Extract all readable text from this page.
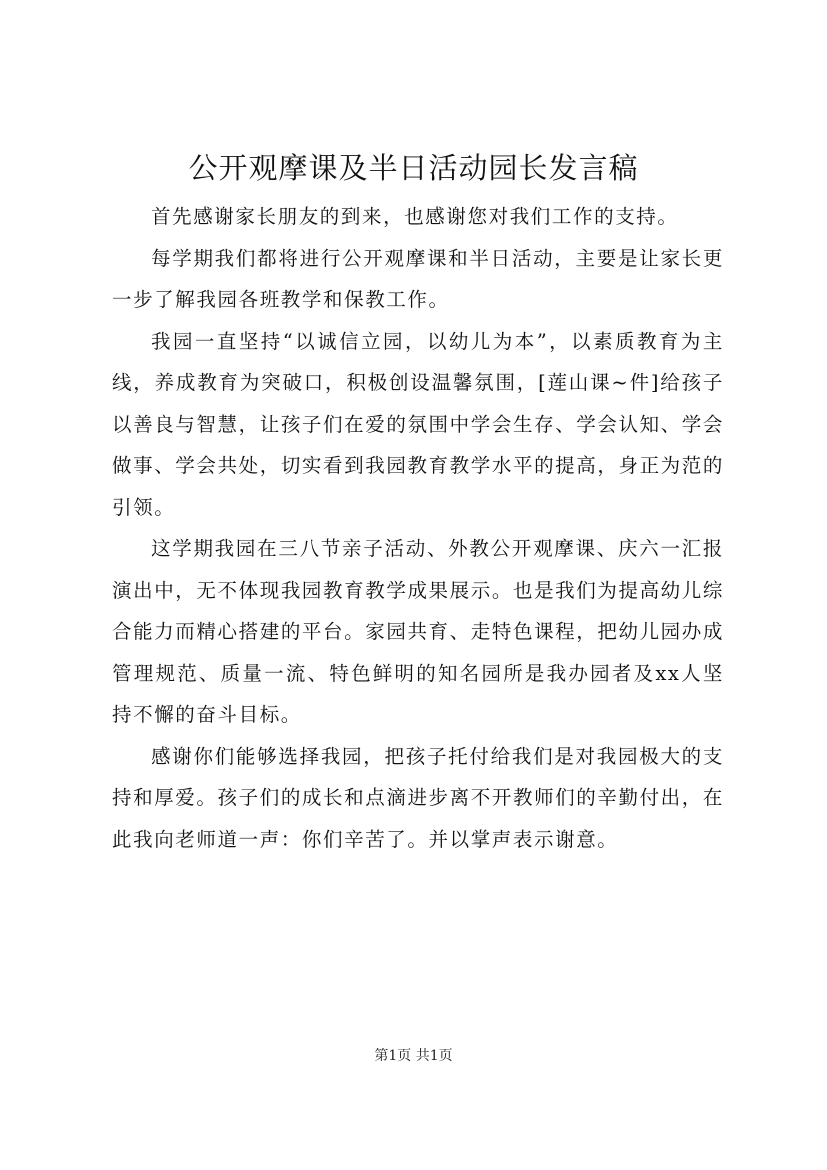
公开观摩课及半日活动园长发言稿

首先感谢家长朋友的到来，也感谢您对我们工作的支持。

每学期我们都将进行公开观摩课和半日活动，主要是让家长更一步了解我园各班教学和保教工作。

我园一直坚持“以诚信立园，以幼儿为本”，以素质教育为主线，养成教育为突破口，积极创设温馨氛围，[莲山课~件]给孩子以善良与智慧，让孩子们在爱的氛围中学会生存、学会认知、学会做事、学会共处，切实看到我园教育教学水平的提高，身正为范的引领。

这学期我园在三八节亲子活动、外教公开观摩课、庆六一汇报演出中，无不体现我园教育教学成果展示。也是我们为提高幼儿综合能力而精心搭建的平台。家园共育、走特色课程，把幼儿园办成管理规范、质量一流、特色鲜明的知名园所是我办园者及xx人坚持不懈的奋斗目标。

感谢你们能够选择我园，把孩子托付给我们是对我园极大的支持和厚爱。孩子们的成长和点滴进步离不开教师们的辛勤付出，在此我向老师道一声：你们辛苦了。并以掌声表示谢意。

第1页 共1页
